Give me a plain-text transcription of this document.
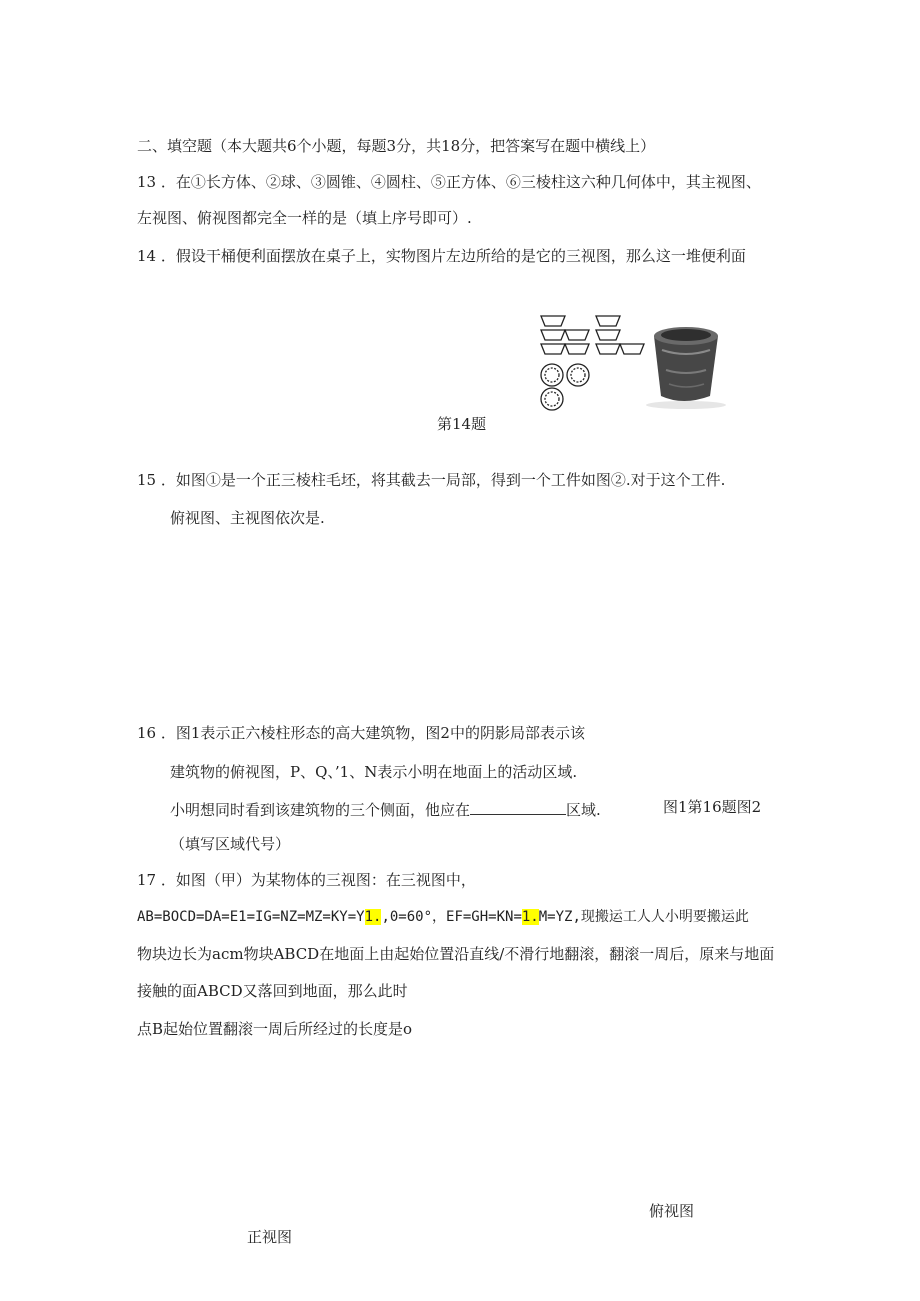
二、填空题（本大题共6个小题，每题3分，共18分，把答案写在题中横线上）
13 ．在①长方体、②球、③圆锥、④圆柱、⑤正方体、⑥三棱柱这六种几何体中，其主视图、
左视图、俯视图都完全一样的是（填上序号即可）.
14 ．假设干桶便利面摆放在桌子上，实物图片左边所给的是它的三视图，那么这一堆便利面
第14题
15 ．如图①是一个正三棱柱毛坯，将其截去一局部，得到一个工件如图②.对于这个工件.
俯视图、主视图依次是.
16 ．图1表示正六棱柱形态的高大建筑物，图2中的阴影局部表示该
建筑物的俯视图，P、Q、’1、N表示小明在地面上的活动区域.
小明想同时看到该建筑物的三个侧面，他应在	区域.	图1第16题图2
（填写区域代号）
17 ．如图（甲）为某物体的三视图：在三视图中，
AB=BOCD=DA=E1=IG=NZ=MZ=KY=Y1.,0=60°，EF=GH=KN=1.M=YZ,现搬运工人人小明要搬运此
物块边长为acm物块ABCD在地面上由起始位置沿直线/不滑行地翻滚，翻滚一周后，原来与地面
接触的面ABCD又落回到地面，那么此时
点B起始位置翻滚一周后所经过的长度是o
俯视图
正视图
